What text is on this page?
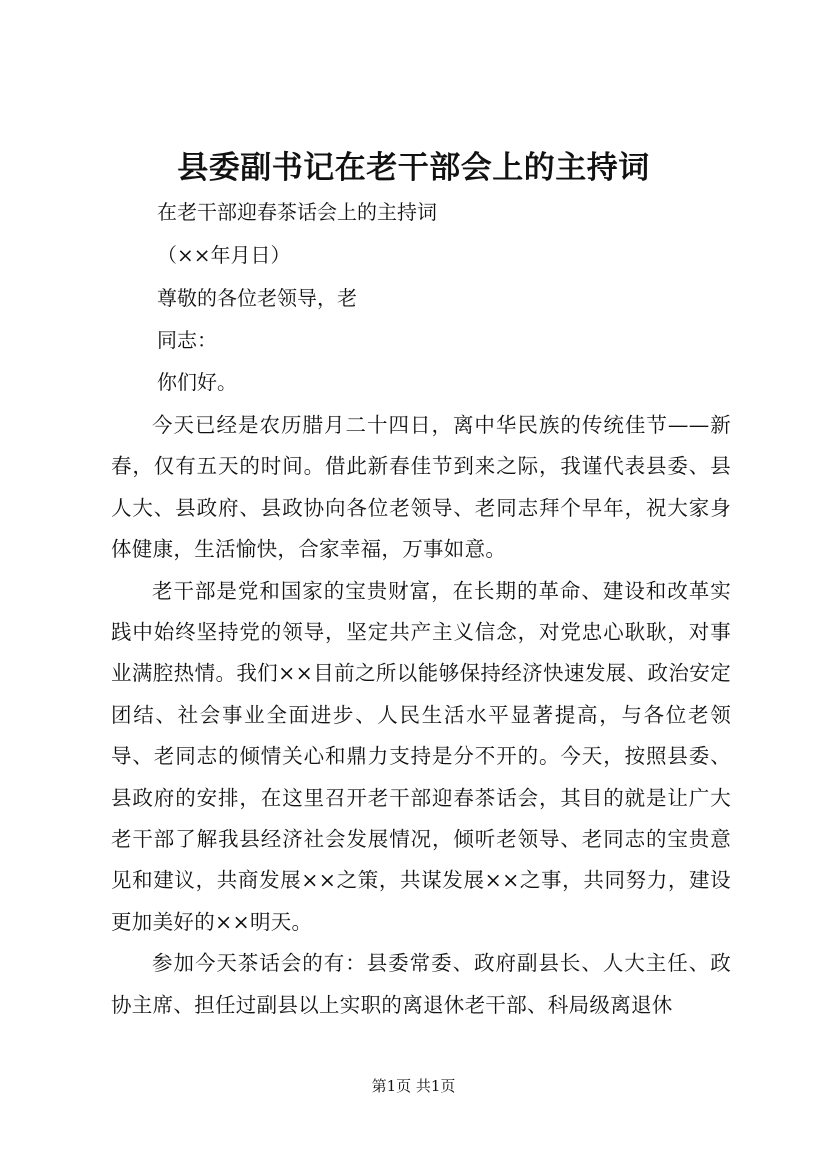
县委副书记在老干部会上的主持词
在老干部迎春茶话会上的主持词
（××年月日）
尊敬的各位老领导，老
同志：
你们好。

今天已经是农历腊月二十四日，离中华民族的传统佳节——新春，仅有五天的时间。借此新春佳节到来之际，我谨代表县委、县人大、县政府、县政协向各位老领导、老同志拜个早年，祝大家身体健康，生活愉快，合家幸福，万事如意。

老干部是党和国家的宝贵财富，在长期的革命、建设和改革实践中始终坚持党的领导，坚定共产主义信念，对党忠心耿耿，对事业满腔热情。我们××目前之所以能够保持经济快速发展、政治安定团结、社会事业全面进步、人民生活水平显著提高，与各位老领导、老同志的倾情关心和鼎力支持是分不开的。今天，按照县委、县政府的安排，在这里召开老干部迎春茶话会，其目的就是让广大老干部了解我县经济社会发展情况，倾听老领导、老同志的宝贵意见和建议，共商发展××之策，共谋发展××之事，共同努力，建设更加美好的××明天。

参加今天茶话会的有：县委常委、政府副县长、人大主任、政协主席、担任过副县以上实职的离退休老干部、科局级离退休

第1页 共1页
